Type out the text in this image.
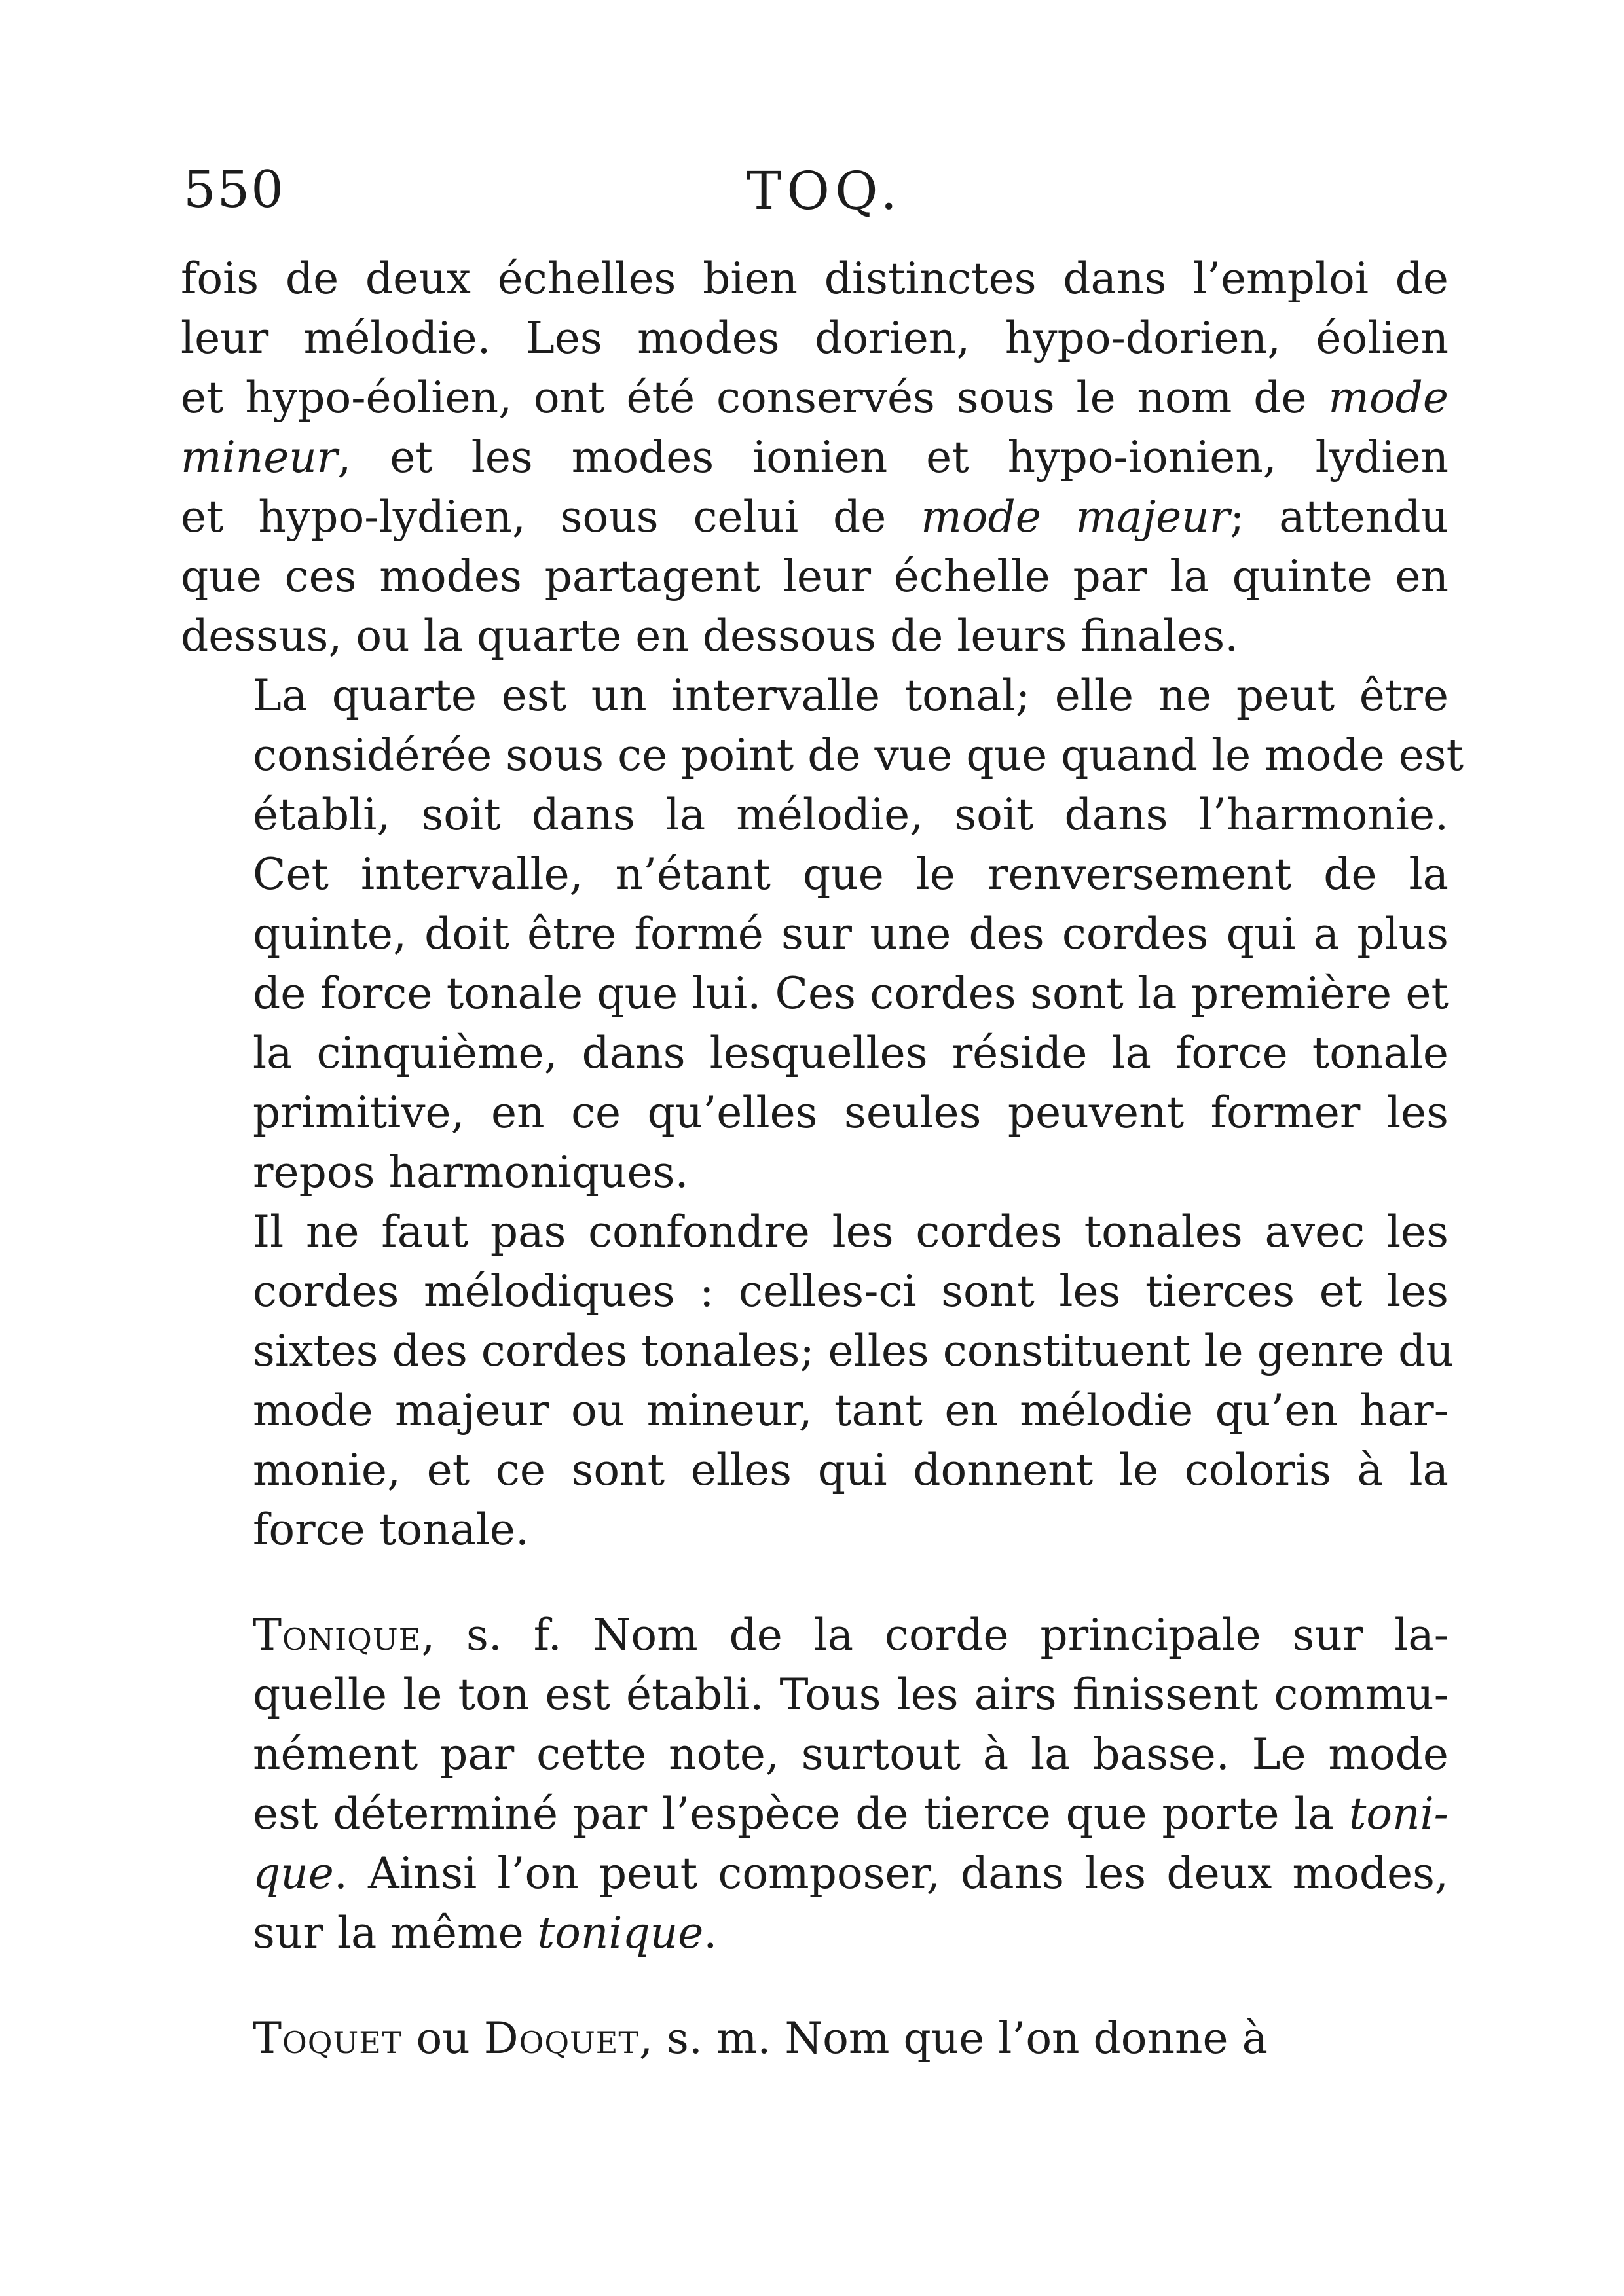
550	TOQ.

fois de deux échelles bien distinctes dans l’emploi de
leur mélodie. Les modes dorien, hypo-dorien, éolien
et hypo-éolien, ont été conservés sous le nom de mode
mineur, et les modes ionien et hypo-ionien, lydien
et hypo-lydien, sous celui de mode majeur; attendu
que ces modes partagent leur échelle par la quinte en
dessus, ou la quarte en dessous de leurs finales.

La quarte est un intervalle tonal; elle ne peut être
considérée sous ce point de vue que quand le mode est
établi, soit dans la mélodie, soit dans l’harmonie.
Cet intervalle, n’étant que le renversement de la
quinte, doit être formé sur une des cordes qui a plus
de force tonale que lui. Ces cordes sont la première et
la cinquième, dans lesquelles réside la force tonale
primitive, en ce qu’elles seules peuvent former les
repos harmoniques.

Il ne faut pas confondre les cordes tonales avec les
cordes mélodiques : celles-ci sont les tierces et les
sixtes des cordes tonales; elles constituent le genre du
mode majeur ou mineur, tant en mélodie qu’en har-
monie, et ce sont elles qui donnent le coloris à la
force tonale.

Tonique, s. f. Nom de la corde principale sur la-
quelle le ton est établi. Tous les airs finissent commu-
nément par cette note, surtout à la basse. Le mode
est déterminé par l’espèce de tierce que porte la toni-
que. Ainsi l’on peut composer, dans les deux modes,
sur la même tonique.

Toquet ou Doquet, s. m. Nom que l’on donne à
